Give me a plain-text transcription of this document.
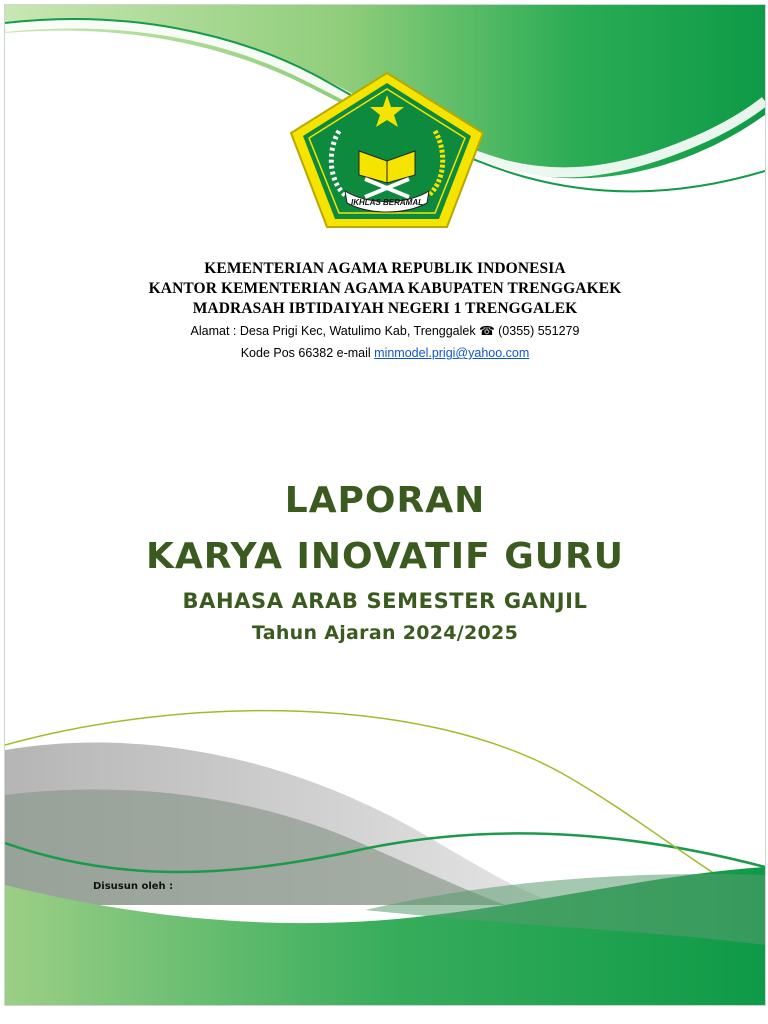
IKHLAS BERAMAL
KEMENTERIAN AGAMA REPUBLIK INDONESIA
KANTOR KEMENTERIAN AGAMA KABUPATEN TRENGGAKEK
MADRASAH IBTIDAIYAH NEGERI 1 TRENGGALEK
Alamat : Desa Prigi Kec, Watulimo Kab, Trenggalek ☎ (0355) 551279
Kode Pos 66382 e-mail minmodel.prigi@yahoo.com
LAPORAN
KARYA INOVATIF GURU
BAHASA ARAB SEMESTER GANJIL
Tahun Ajaran 2024/2025
Disusun oleh :
